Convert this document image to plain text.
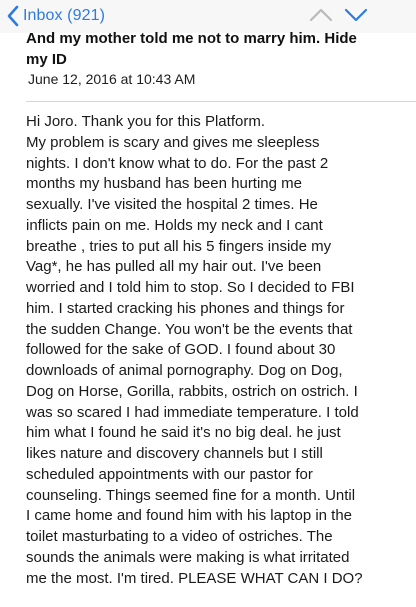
Inbox (921)
And my mother told me not to marry him. Hide
my ID
June 12, 2016 at 10:43 AM
Hi Joro. Thank you for this Platform.
My problem is scary and gives me sleepless
nights. I don't know what to do. For the past 2
months my husband has been hurting me
sexually. I've visited the hospital 2 times. He
inflicts pain on me. Holds my neck and I cant
breathe , tries to put all his 5 fingers inside my
Vag*, he has pulled all my hair out. I've been
worried and I told him to stop. So I decided to FBI
him. I started cracking his phones and things for
the sudden Change. You won't be the events that
followed for the sake of GOD. I found about 30
downloads of animal pornography. Dog on Dog,
Dog on Horse, Gorilla, rabbits, ostrich on ostrich. I
was so scared I had immediate temperature. I told
him what I found he said it's no big deal. he just
likes nature and discovery channels but I still
scheduled appointments with our pastor for
counseling. Things seemed fine for a month. Until
I came home and found him with his laptop in the
toilet masturbating to a video of ostriches. The
sounds the animals were making is what irritated
me the most. I'm tired. PLEASE WHAT CAN I DO?
